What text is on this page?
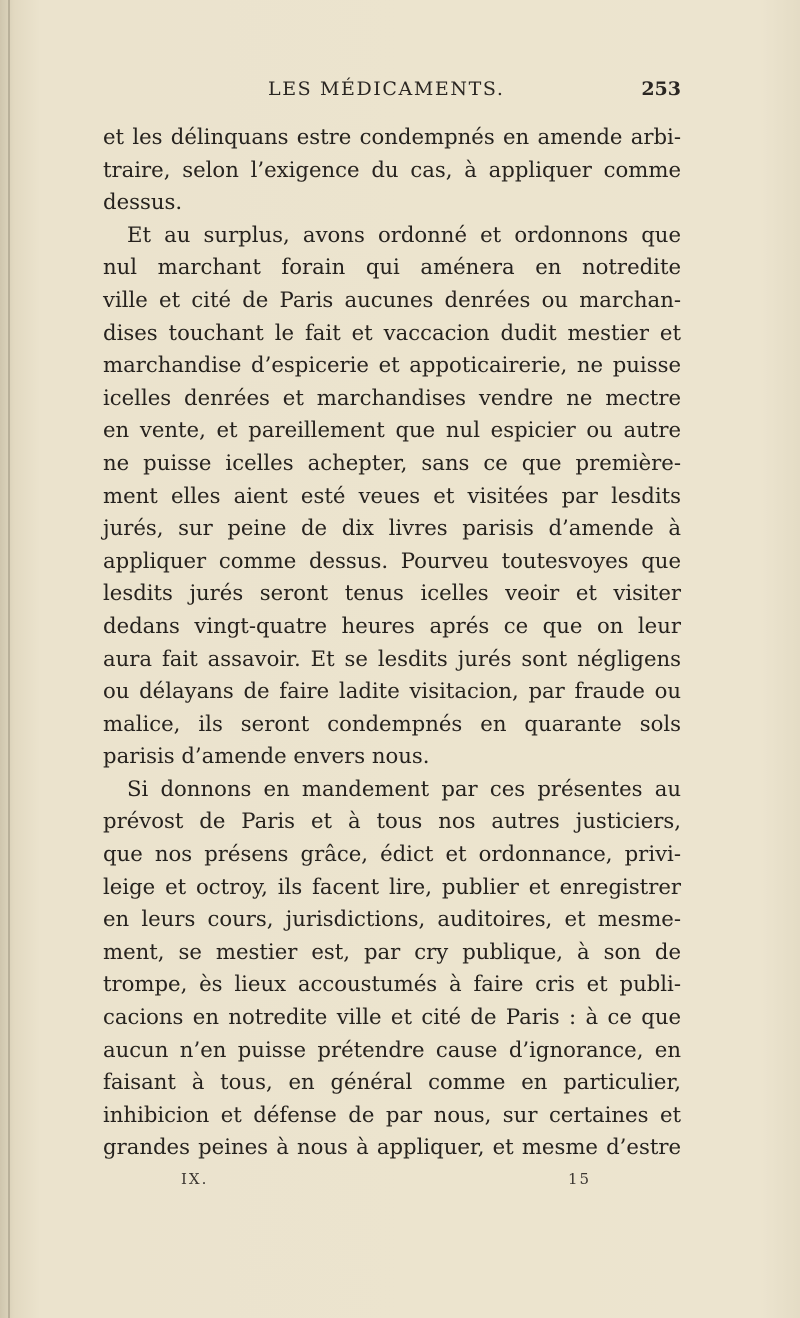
LES MÉDICAMENTS.	253
et les délinquans estre condempnés en amende arbi-
traire, selon l’exigence du cas, à appliquer comme
dessus.
Et au surplus, avons ordonné et ordonnons que
nul marchant forain qui aménera en notredite
ville et cité de Paris aucunes denrées ou marchan-
dises touchant le fait et vaccacion dudit mestier et
marchandise d’espicerie et appoticairerie, ne puisse
icelles denrées et marchandises vendre ne mectre
en vente, et pareillement que nul espicier ou autre
ne puisse icelles achepter, sans ce que première-
ment elles aient esté veues et visitées par lesdits
jurés, sur peine de dix livres parisis d’amende à
appliquer comme dessus. Pourveu toutesvoyes que
lesdits jurés seront tenus icelles veoir et visiter
dedans vingt-quatre heures aprés ce que on leur
aura fait assavoir. Et se lesdits jurés sont négligens
ou délayans de faire ladite visitacion, par fraude ou
malice, ils seront condempnés en quarante sols
parisis d’amende envers nous.
Si donnons en mandement par ces présentes au
prévost de Paris et à tous nos autres justiciers,
que nos présens grâce, édict et ordonnance, privi-
leige et octroy, ils facent lire, publier et enregistrer
en leurs cours, jurisdictions, auditoires, et mesme-
ment, se mestier est, par cry publique, à son de
trompe, ès lieux accoustumés à faire cris et publi-
cacions en notredite ville et cité de Paris : à ce que
aucun n’en puisse prétendre cause d’ignorance, en
faisant à tous, en général comme en particulier,
inhibicion et défense de par nous, sur certaines et
grandes peines à nous à appliquer, et mesme d’estre
IX.	15
